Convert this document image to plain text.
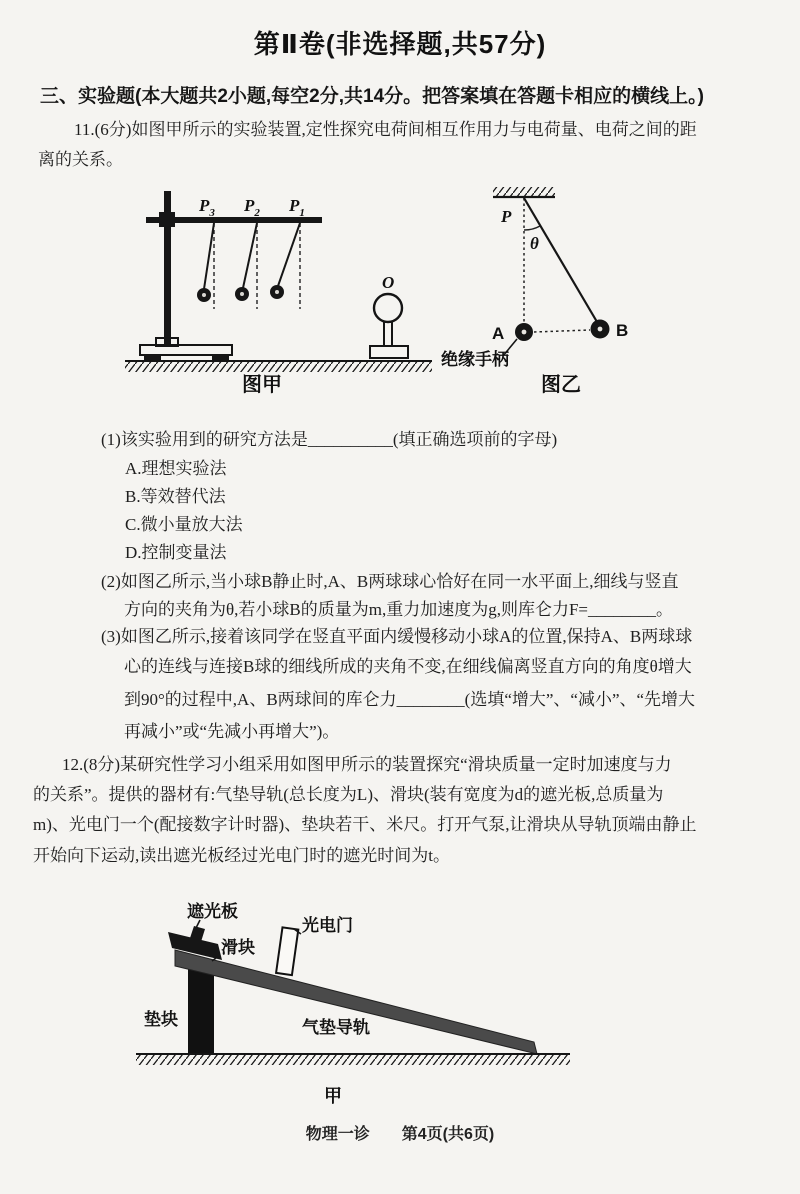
第Ⅱ卷(非选择题,共57分)
三、实验题(本大题共2小题,每空2分,共14分。把答案填在答题卡相应的横线上。)
11.(6分)如图甲所示的实验装置,定性探究电荷间相互作用力与电荷量、电荷之间的距
离的关系。
$P_3$ $P_2$ $P_1$
O
图甲
P
θ
A	B
绝缘手柄
图乙
(1)该实验用到的研究方法是__________(填正确选项前的字母)
A.理想实验法
B.等效替代法
C.微小量放大法
D.控制变量法
(2)如图乙所示,当小球B静止时,A、B两球球心恰好在同一水平面上,细线与竖直
方向的夹角为θ,若小球B的质量为m,重力加速度为g,则库仑力F=________。
(3)如图乙所示,接着该同学在竖直平面内缓慢移动小球A的位置,保持A、B两球球
心的连线与连接B球的细线所成的夹角不变,在细线偏离竖直方向的角度θ增大
到90°的过程中,A、B两球间的库仑力________(选填“增大”、“减小”、“先增大
再减小”或“先减小再增大”)。
12.(8分)某研究性学习小组采用如图甲所示的装置探究“滑块质量一定时加速度与力
的关系”。提供的器材有:气垫导轨(总长度为L)、滑块(装有宽度为d的遮光板,总质量为
m)、光电门一个(配接数字计时器)、垫块若干、米尺。打开气泵,让滑块从导轨顶端由静止
开始向下运动,读出遮光板经过光电门时的遮光时间为t。
遮光板
光电门
滑块
垫块	气垫导轨
甲
物理一诊　　第4页(共6页)
